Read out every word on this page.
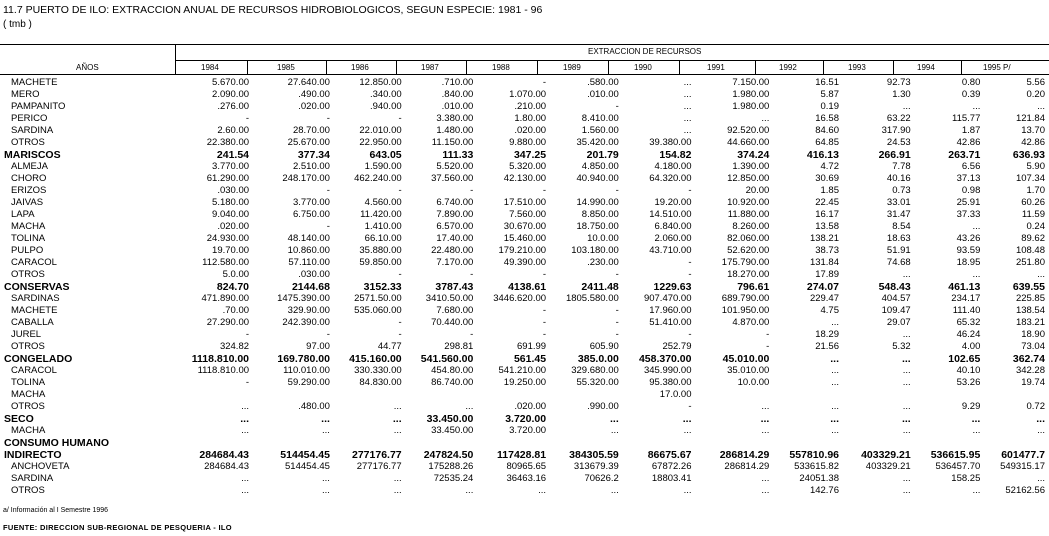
11.7 PUERTO DE ILO: EXTRACCION ANUAL DE RECURSOS HIDROBIOLOGICOS, SEGUN ESPECIE: 1981 - 96
( tmb )
AÑOS
EXTRACCION DE RECURSOS
1984	1985	1986	1987	1988	1989	1990	1991	1992	1993	1994	1995 P/
MACHETE	5.670.00	27.640.00	12.850.00	.710.00	-	.580.00	...	7.150.00	16.51	92.73	0.80	5.56
MERO	2.090.00	.490.00	.340.00	.840.00	1.070.00	.010.00	...	1.980.00	5.87	1.30	0.39	0.20
PAMPANITO	.276.00	.020.00	.940.00	.010.00	.210.00	-	...	1.980.00	0.19	...	...	...
PERICO	-	-	-	3.380.00	1.80.00	8.410.00	...	...	16.58	63.22	115.77	121.84
SARDINA	2.60.00	28.70.00	22.010.00	1.480.00	.020.00	1.560.00	...	92.520.00	84.60	317.90	1.87	13.70
OTROS	22.380.00	25.670.00	22.950.00	11.150.00	9.880.00	35.420.00	39.380.00	44.660.00	64.85	24.53	42.86	42.86
MARISCOS	241.54	377.34	643.05	111.33	347.25	201.79	154.82	374.24	416.13	266.91	263.71	636.93
ALMEJA	3.770.00	2.510.00	1.590.00	5.520.00	5.320.00	4.850.00	4.180.00	1.390.00	4.72	7.78	6.56	5.90
CHORO	61.290.00	248.170.00	462.240.00	37.560.00	42.130.00	40.940.00	64.320.00	12.850.00	30.69	40.16	37.13	107.34
ERIZOS	.030.00	-	-	-	-	-	-	20.00	1.85	0.73	0.98	1.70
JAIVAS	5.180.00	3.770.00	4.560.00	6.740.00	17.510.00	14.990.00	19.20.00	10.920.00	22.45	33.01	25.91	60.26
LAPA	9.040.00	6.750.00	11.420.00	7.890.00	7.560.00	8.850.00	14.510.00	11.880.00	16.17	31.47	37.33	11.59
MACHA	.020.00	-	1.410.00	6.570.00	30.670.00	18.750.00	6.840.00	8.260.00	13.58	8.54	...	0.24
TOLINA	24.930.00	48.140.00	66.10.00	17.40.00	15.460.00	10.0.00	2.060.00	82.060.00	138.21	18.63	43.26	89.62
PULPO	19.70.00	10.860.00	35.880.00	22.480.00	179.210.00	103.180.00	43.710.00	52.620.00	38.73	51.91	93.59	108.48
CARACOL	112.580.00	57.110.00	59.850.00	7.170.00	49.390.00	.230.00	-	175.790.00	131.84	74.68	18.95	251.80
OTROS	5.0.00	.030.00	-	-	-	-	-	18.270.00	17.89	...	...	...
CONSERVAS	824.70	2144.68	3152.33	3787.43	4138.61	2411.48	1229.63	796.61	274.07	548.43	461.13	639.55
SARDINAS	471.890.00	1475.390.00	2571.50.00	3410.50.00	3446.620.00	1805.580.00	907.470.00	689.790.00	229.47	404.57	234.17	225.85
MACHETE	.70.00	329.90.00	535.060.00	7.680.00	-	-	17.960.00	101.950.00	4.75	109.47	111.40	138.54
CABALLA	27.290.00	242.390.00	-	70.440.00	-	-	51.410.00	4.870.00	...	29.07	65.32	183.21
JUREL	-	-	-	-	-	-	-	-	18.29	...	46.24	18.90
OTROS	324.82	97.00	44.77	298.81	691.99	605.90	252.79	-	21.56	5.32	4.00	73.04
CONGELADO	1118.810.00	169.780.00	415.160.00	541.560.00	561.45	385.0.00	458.370.00	45.010.00	...	...	102.65	362.74
CARACOL	1118.810.00	110.010.00	330.330.00	454.80.00	541.210.00	329.680.00	345.990.00	35.010.00	...	...	40.10	342.28
TOLINA	-	59.290.00	84.830.00	86.740.00	19.250.00	55.320.00	95.380.00	10.0.00	...	...	53.26	19.74
MACHA							17.0.00					
OTROS	...	.480.00	...	...	.020.00	.990.00	-	...	...	...	9.29	0.72
SECO	...	...	...	33.450.00	3.720.00	...	...	...	...	...	...	...
MACHA	...	...	...	33.450.00	3.720.00	...	...	...	...	...	...	...
CONSUMO HUMANO												
INDIRECTO	284684.43	514454.45	277176.77	247824.50	117428.81	384305.59	86675.67	286814.29	557810.96	403329.21	536615.95	601477.7
ANCHOVETA	284684.43	514454.45	277176.77	175288.26	80965.65	313679.39	67872.26	286814.29	533615.82	403329.21	536457.70	549315.17
SARDINA	...	...	...	72535.24	36463.16	70626.2	18803.41	...	24051.38	...	158.25	...
OTROS	...	...	...	...	...	...	...	...	142.76	...	...	52162.56
a/ Información al I Semestre 1996
FUENTE: DIRECCION SUB-REGIONAL DE PESQUERIA - ILO
